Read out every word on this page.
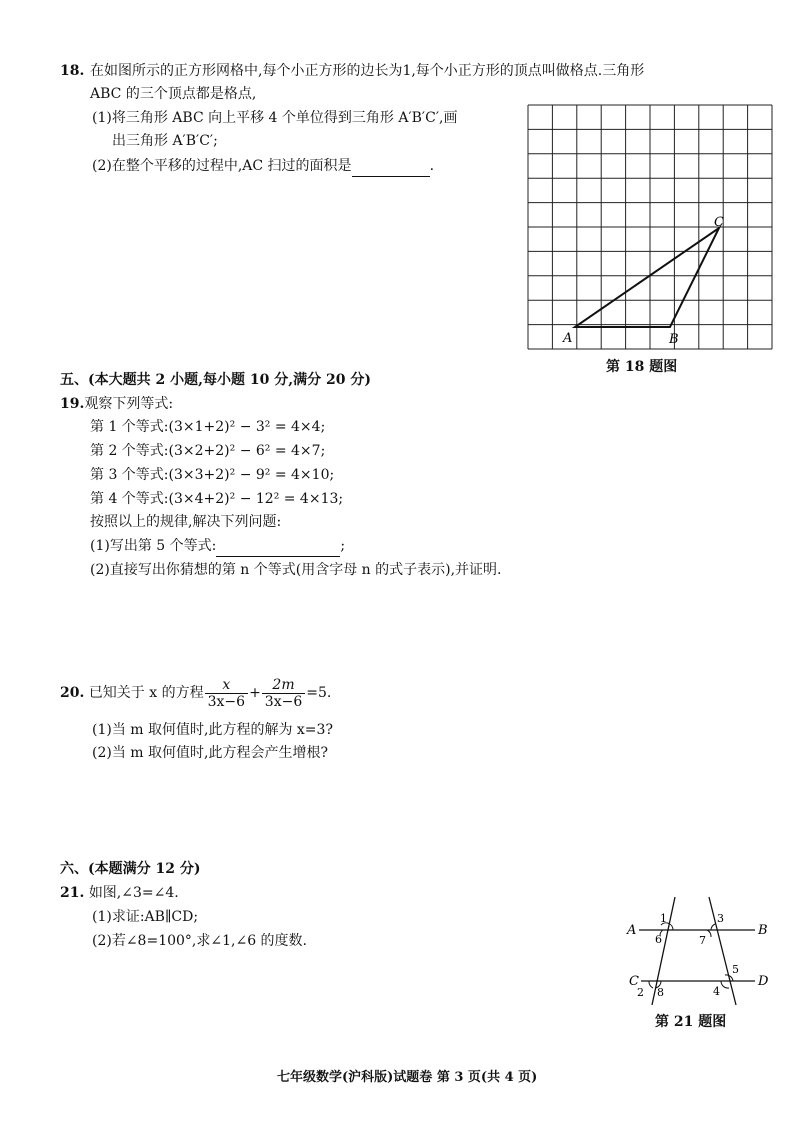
18. 在如图所示的正方形网格中,每个小正方形的边长为1,每个小正方形的顶点叫做格点.三角形
ABC 的三个顶点都是格点,
(1)将三角形 ABC 向上平移 4 个单位得到三角形 A′B′C′,画
出三角形 A′B′C′;
(2)在整个平移的过程中,AC 扫过的面积是	.
A	B
C
第 18 题图
五、(本大题共 2 小题,每小题 10 分,满分 20 分)
19.观察下列等式:
第 1 个等式:(3×1+2)² − 3² = 4×4;
第 2 个等式:(3×2+2)² − 6² = 4×7;
第 3 个等式:(3×3+2)² − 9² = 4×10;
第 4 个等式:(3×4+2)² − 12² = 4×13;
按照以上的规律,解决下列问题:
(1)写出第 5 个等式:	;
(2)直接写出你猜想的第 n 个等式(用含字母 n 的式子表示),并证明.
20. 已知关于 x 的方程 $\frac{x}{3x-6} + \frac{2m}{3x-6} =5$.
(1)当 m 取何值时,此方程的解为 x=3?
(2)当 m 取何值时,此方程会产生增根?
六、(本题满分 12 分)
21. 如图,∠3=∠4.
(1)求证:AB∥CD;
(2)若∠8=100°,求∠1,∠6 的度数.
A	B
C	D
1
2
3
4
5
6	7
8
第 21 题图
七年级数学(沪科版)试题卷 第 3 页(共 4 页)
